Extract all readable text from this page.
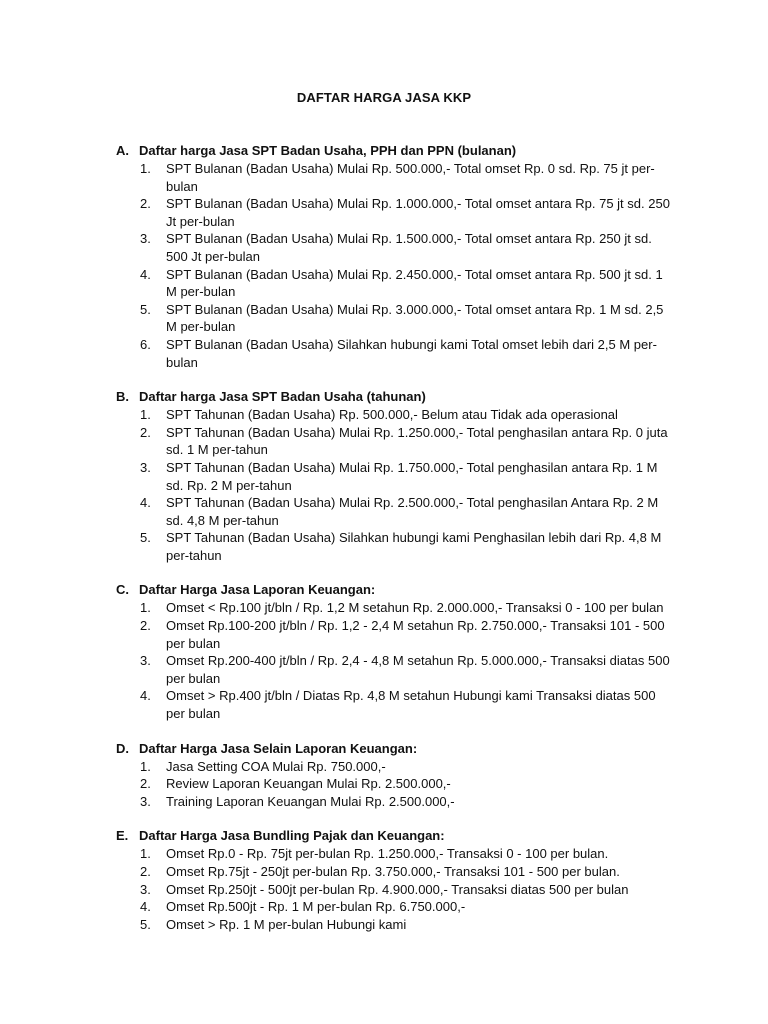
DAFTAR HARGA JASA KKP
A. Daftar harga Jasa SPT Badan Usaha, PPH dan PPN (bulanan)
1.	SPT Bulanan (Badan Usaha) Mulai Rp. 500.000,- Total omset Rp. 0 sd. Rp. 75 jt per-bulan
2.	SPT Bulanan (Badan Usaha) Mulai Rp. 1.000.000,- Total omset antara Rp. 75 jt sd. 250 Jt per-bulan
3.	SPT Bulanan (Badan Usaha) Mulai Rp. 1.500.000,- Total omset antara Rp. 250 jt sd. 500 Jt per-bulan
4.	SPT Bulanan (Badan Usaha) Mulai Rp. 2.450.000,- Total omset antara Rp. 500 jt sd. 1 M per-bulan
5.	SPT Bulanan (Badan Usaha) Mulai Rp. 3.000.000,- Total omset antara Rp. 1 M sd. 2,5 M per-bulan
6.	SPT Bulanan (Badan Usaha) Silahkan hubungi kami Total omset lebih dari 2,5 M per-bulan
B. Daftar harga Jasa SPT Badan Usaha (tahunan)
1.	SPT Tahunan (Badan Usaha) Rp. 500.000,- Belum atau Tidak ada operasional
2.	SPT Tahunan (Badan Usaha) Mulai Rp. 1.250.000,- Total penghasilan antara Rp. 0 juta sd. 1 M per-tahun
3.	SPT Tahunan (Badan Usaha) Mulai Rp. 1.750.000,- Total penghasilan antara Rp. 1 M sd. Rp. 2 M per-tahun
4.	SPT Tahunan (Badan Usaha) Mulai Rp. 2.500.000,- Total penghasilan Antara Rp. 2 M sd. 4,8 M per-tahun
5.	SPT Tahunan (Badan Usaha) Silahkan hubungi kami Penghasilan lebih dari Rp. 4,8 M per-tahun
C. Daftar Harga Jasa Laporan Keuangan:
1.	Omset < Rp.100 jt/bln / Rp. 1,2 M setahun Rp. 2.000.000,- Transaksi 0 - 100 per bulan
2.	Omset Rp.100-200 jt/bln / Rp. 1,2 - 2,4 M setahun Rp. 2.750.000,- Transaksi 101 - 500 per bulan
3.	Omset Rp.200-400 jt/bln / Rp. 2,4 - 4,8 M setahun Rp. 5.000.000,- Transaksi diatas 500 per bulan
4.	Omset > Rp.400 jt/bln / Diatas Rp. 4,8 M setahun Hubungi kami Transaksi diatas 500 per bulan
D. Daftar Harga Jasa Selain Laporan Keuangan:
1.	Jasa Setting COA Mulai Rp. 750.000,-
2.	Review Laporan Keuangan Mulai Rp. 2.500.000,-
3.	Training Laporan Keuangan Mulai Rp. 2.500.000,-
E. Daftar Harga Jasa Bundling Pajak dan Keuangan:
1.	Omset Rp.0 - Rp. 75jt per-bulan Rp. 1.250.000,- Transaksi 0 - 100 per bulan.
2.	Omset Rp.75jt - 250jt per-bulan Rp. 3.750.000,- Transaksi 101 - 500 per bulan.
3.	Omset Rp.250jt - 500jt per-bulan Rp. 4.900.000,- Transaksi diatas 500 per bulan
4.	Omset Rp.500jt - Rp. 1 M per-bulan Rp. 6.750.000,-
5.	Omset > Rp. 1 M per-bulan Hubungi kami
